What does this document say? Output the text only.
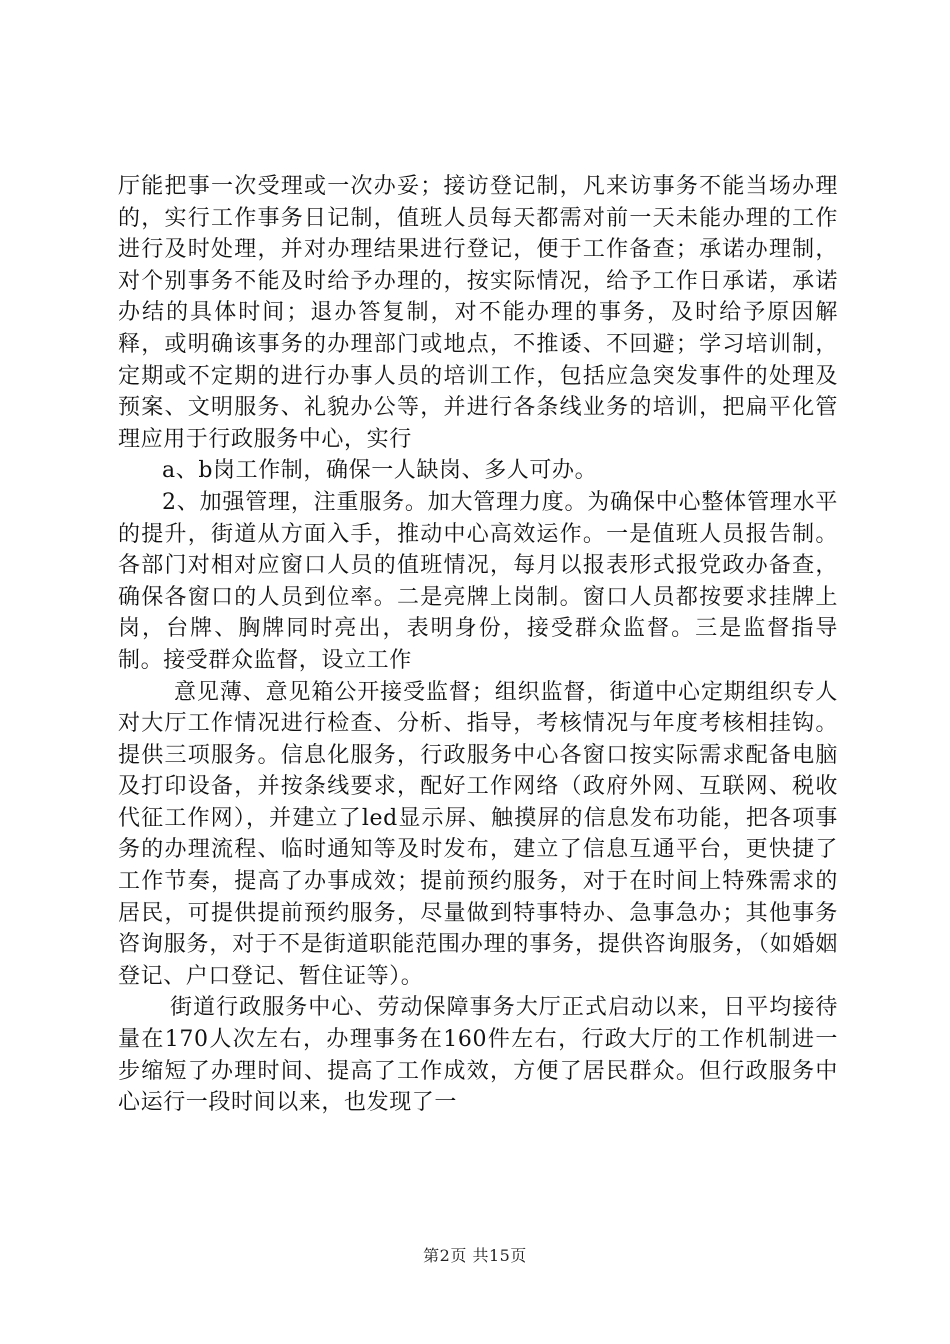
厅能把事一次受理或一次办妥；接访登记制，凡来访事务不能当场办理的，实行工作事务日记制，值班人员每天都需对前一天未能办理的工作进行及时处理，并对办理结果进行登记，便于工作备查；承诺办理制，对个别事务不能及时给予办理的，按实际情况，给予工作日承诺，承诺办结的具体时间；退办答复制，对不能办理的事务，及时给予原因解释，或明确该事务的办理部门或地点，不推诿、不回避；学习培训制，定期或不定期的进行办事人员的培训工作，包括应急突发事件的处理及预案、文明服务、礼貌办公等，并进行各条线业务的培训，把扁平化管理应用于行政服务中心，实行

a、b岗工作制，确保一人缺岗、多人可办。

2、加强管理，注重服务。加大管理力度。为确保中心整体管理水平的提升，街道从方面入手，推动中心高效运作。一是值班人员报告制。各部门对相对应窗口人员的值班情况，每月以报表形式报党政办备查，确保各窗口的人员到位率。二是亮牌上岗制。窗口人员都按要求挂牌上岗，台牌、胸牌同时亮出，表明身份，接受群众监督。三是监督指导制。接受群众监督，设立工作

意见薄、意见箱公开接受监督；组织监督，街道中心定期组织专人对大厅工作情况进行检查、分析、指导，考核情况与年度考核相挂钩。提供三项服务。信息化服务，行政服务中心各窗口按实际需求配备电脑及打印设备，并按条线要求，配好工作网络（政府外网、互联网、税收代征工作网），并建立了led显示屏、触摸屏的信息发布功能，把各项事务的办理流程、临时通知等及时发布，建立了信息互通平台，更快捷了工作节奏，提高了办事成效；提前预约服务，对于在时间上特殊需求的居民，可提供提前预约服务，尽量做到特事特办、急事急办；其他事务咨询服务，对于不是街道职能范围办理的事务，提供咨询服务，（如婚姻登记、户口登记、暂住证等）。

街道行政服务中心、劳动保障事务大厅正式启动以来，日平均接待量在170人次左右，办理事务在160件左右，行政大厅的工作机制进一步缩短了办理时间、提高了工作成效，方便了居民群众。但行政服务中心运行一段时间以来，也发现了一

第2页 共15页
